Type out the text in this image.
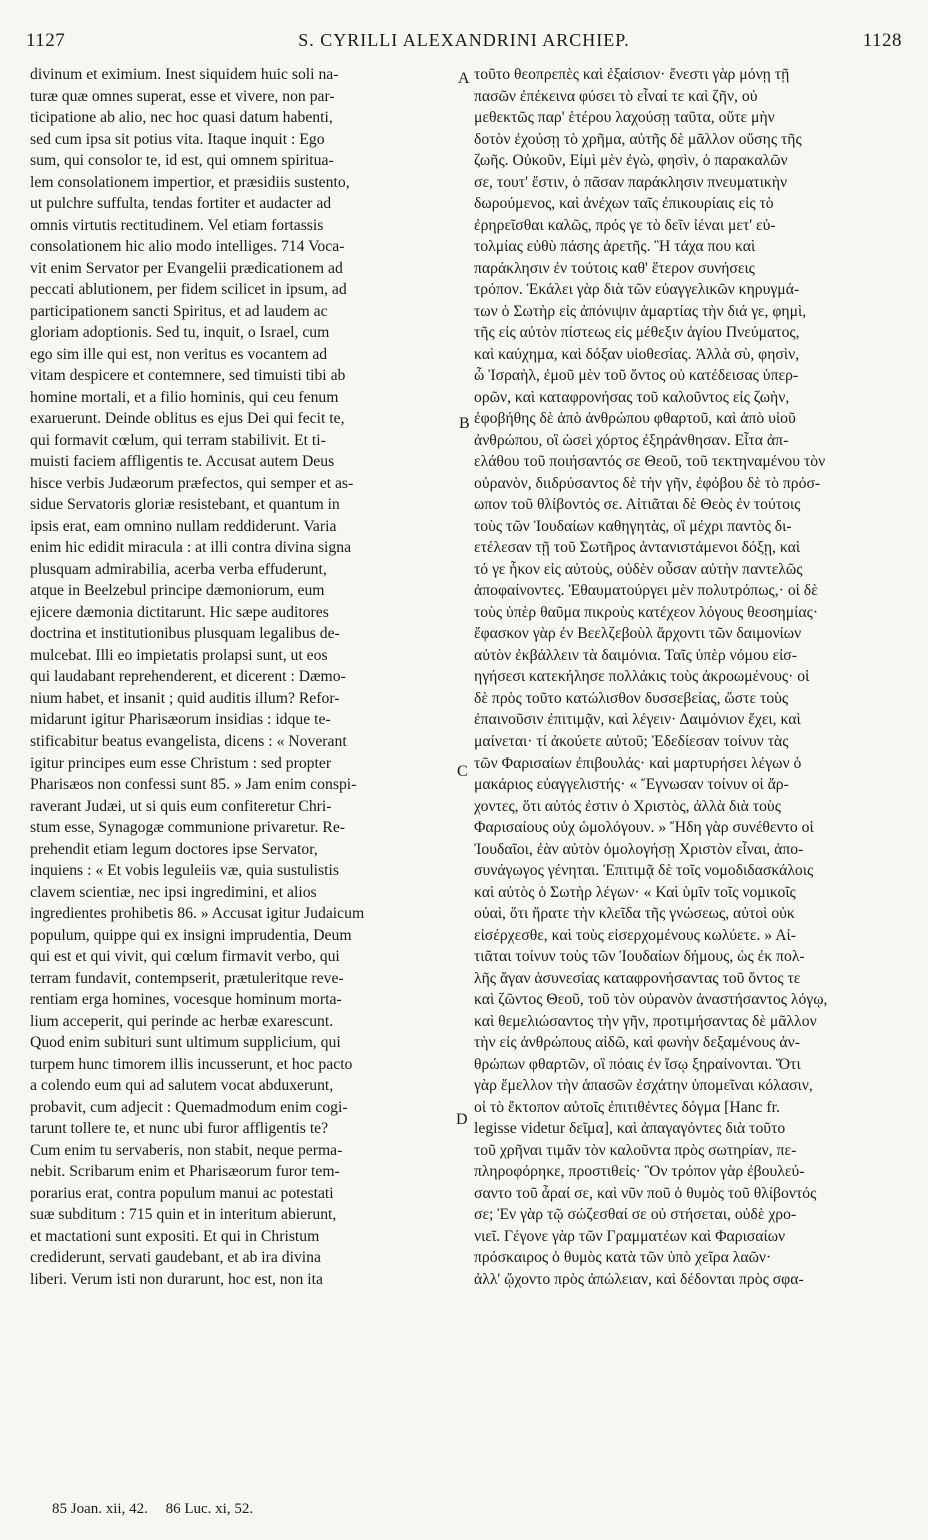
1127	S. CYRILLI ALEXANDRINI ARCHIEP.	1128
divinum et eximium. Inest siquidem huic soli na-
turæ quæ omnes superat, esse et vivere, non par-
ticipatione ab alio, nec hoc quasi datum habenti,
sed cum ipsa sit potius vita. Itaque inquit : Ego
sum, qui consolor te, id est, qui omnem spiritua-
lem consolationem impertior, et præsidiis sustento,
ut pulchre suffulta, tendas fortiter et audacter ad
omnis virtutis rectitudinem. Vel etiam fortassis
consolationem hic alio modo intelliges. 714 Voca-
vit enim Servator per Evangelii prædicationem ad
peccati ablutionem, per fidem scilicet in ipsum, ad
participationem sancti Spiritus, et ad laudem ac
gloriam adoptionis. Sed tu, inquit, o Israel, cum
ego sim ille qui est, non veritus es vocantem ad
vitam despicere et contemnere, sed timuisti tibi ab
homine mortali, et a filio hominis, qui ceu fenum
exaruerunt. Deinde oblitus es ejus Dei qui fecit te,
qui formavit cœlum, qui terram stabilivit. Et ti-
muisti faciem affligentis te. Accusat autem Deus
hisce verbis Judæorum præfectos, qui semper et as-
sidue Servatoris gloriæ resistebant, et quantum in
ipsis erat, eam omnino nullam reddiderunt. Varia
enim hic edidit miracula : at illi contra divina signa
plusquam admirabilia, acerba verba effuderunt,
atque in Beelzebul principe dæmoniorum, eum
ejicere dæmonia dictitarunt. Hic sæpe auditores
doctrina et institutionibus plusquam legalibus de-
mulcebat. Illi eo impietatis prolapsi sunt, ut eos
qui laudabant reprehenderent, et dicerent : Dæmo-
nium habet, et insanit ; quid auditis illum? Refor-
midarunt igitur Pharisæorum insidias : idque te-
stificabitur beatus evangelista, dicens : « Noverant
igitur principes eum esse Christum : sed propter
Pharisæos non confessi sunt 85. » Jam enim conspi-
raverant Judæi, ut si quis eum confiteretur Chri-
stum esse, Synagogæ communione privaretur. Re-
prehendit etiam legum doctores ipse Servator,
inquiens : « Et vobis leguleiis væ, quia sustulistis
clavem scientiæ, nec ipsi ingredimini, et alios
ingredientes prohibetis 86. » Accusat igitur Judaicum
populum, quippe qui ex insigni imprudentia, Deum
qui est et qui vivit, qui cœlum firmavit verbo, qui
terram fundavit, contempserit, prætuleritque reve-
rentiam erga homines, vocesque hominum morta-
lium acceperit, qui perinde ac herbæ exarescunt.
Quod enim subituri sunt ultimum supplicium, qui
turpem hunc timorem illis incusserunt, et hoc pacto
a colendo eum qui ad salutem vocat abduxerunt,
probavit, cum adjecit : Quemadmodum enim cogi-
tarunt tollere te, et nunc ubi furor affligentis te?
Cum enim tu servaberis, non stabit, neque perma-
nebit. Scribarum enim et Pharisæorum furor tem-
porarius erat, contra populum manui ac potestati
suæ subditum : 715 quin et in interitum abierunt,
et mactationi sunt expositi. Et qui in Christum
crediderunt, servati gaudebant, et ab ira divina
liberi. Verum isti non durarunt, hoc est, non ita
τοῦτο θεοπρεπὲς καὶ ἐξαίσιον· ἔνεστι γὰρ μόνῃ τῇ
πασῶν ἐπέκεινα φύσει τὸ εἶναί τε καὶ ζῆν, οὐ
μεθεκτῶς παρ' ἑτέρου λαχούσῃ ταῦτα, οὔτε μὴν
δοτὸν ἐχούσῃ τὸ χρῆμα, αὐτῆς δὲ μᾶλλον οὔσης τῆς
ζωῆς. Οὐκοῦν, Εἰμὶ μὲν ἐγὼ, φησὶν, ὁ παρακαλῶν
σε, τουτ' ἔστιν, ὁ πᾶσαν παράκλησιν πνευματικὴν
δωρούμενος, καὶ ἀνέχων ταῖς ἐπικουρίαις εἰς τὸ
ἐρηρεῖσθαι καλῶς, πρός γε τὸ δεῖν ἰέναι μετ' εὐ-
τολμίας εὐθὺ πάσης ἀρετῆς. Ἢ τάχα που καὶ
παράκλησιν ἐν τούτοις καθ' ἕτερον συνήσεις
τρόπον. Ἐκάλει γὰρ διὰ τῶν εὐαγγελικῶν κηρυγμά-
των ὁ Σωτὴρ εἰς ἀπόνιψιν ἁμαρτίας τὴν διά γε, φημὶ,
τῆς εἰς αὐτὸν πίστεως εἰς μέθεξιν ἁγίου Πνεύματος,
καὶ καύχημα, καὶ δόξαν υἱοθεσίας. Ἀλλὰ σὺ, φησὶν,
ὦ Ἰσραὴλ, ἐμοῦ μὲν τοῦ ὄντος οὐ κατέδεισας ὑπερ-
ορῶν, καὶ καταφρονήσας τοῦ καλοῦντος εἰς ζωὴν,
ἐφοβήθης δὲ ἀπὸ ἀνθρώπου φθαρτοῦ, καὶ ἀπὸ υἱοῦ
ἀνθρώπου, οἳ ὡσεὶ χόρτος ἐξηράνθησαν. Εἶτα ἀπ-
ελάθου τοῦ ποιήσαντός σε Θεοῦ, τοῦ τεκτηναμένου τὸν
οὐρανὸν, διιδρύσαντος δὲ τὴν γῆν, ἐφόβου δὲ τὸ πρόσ-
ωπον τοῦ θλίβοντός σε. Αἰτιᾶται δὲ Θεὸς ἐν τούτοις
τοὺς τῶν Ἰουδαίων καθηγητὰς, οἳ μέχρι παντὸς δι-
ετέλεσαν τῇ τοῦ Σωτῆρος ἀντανιστάμενοι δόξῃ, καὶ
τό γε ἧκον εἰς αὐτοὺς, οὐδὲν οὖσαν αὐτὴν παντελῶς
ἀποφαίνοντες. Ἐθαυματούργει μὲν πολυτρόπως,· οἱ δὲ
τοὺς ὑπὲρ θαῦμα πικροὺς κατέχεον λόγους θεοσημίας·
ἔφασκον γὰρ ἐν Βεελζεβοὺλ ἄρχοντι τῶν δαιμονίων
αὐτὸν ἐκβάλλειν τὰ δαιμόνια. Ταῖς ὑπὲρ νόμου εἰσ-
ηγήσεσι κατεκήλησε πολλάκις τοὺς ἀκροωμένους· οἱ
δὲ πρὸς τοῦτο κατώλισθον δυσσεβείας, ὥστε τοὺς
ἐπαινοῦσιν ἐπιτιμᾷν, καὶ λέγειν· Δαιμόνιον ἔχει, καὶ
μαίνεται· τί ἀκούετε αὐτοῦ; Ἐδεδίεσαν τοίνυν τὰς
τῶν Φαρισαίων ἐπιβουλάς· καὶ μαρτυρήσει λέγων ὁ
μακάριος εὐαγγελιστής· « Ἔγνωσαν τοίνυν οἱ ἄρ-
χοντες, ὅτι αὐτός ἐστιν ὁ Χριστὸς, ἀλλὰ διὰ τοὺς
Φαρισαίους οὐχ ὡμολόγουν. » Ἤδη γὰρ συνέθεντο οἱ
Ἰουδαῖοι, ἐὰν αὐτὸν ὁμολογήσῃ Χριστὸν εἶναι, ἀπο-
συνάγωγος γένηται. Ἐπιτιμᾷ δὲ τοῖς νομοδιδασκάλοις
καὶ αὐτὸς ὁ Σωτὴρ λέγων· « Καὶ ὑμῖν τοῖς νομικοῖς
οὐαὶ, ὅτι ἤρατε τὴν κλεῖδα τῆς γνώσεως, αὐτοὶ οὐκ
εἰσέρχεσθε, καὶ τοὺς εἰσερχομένους κωλύετε. » Αἰ-
τιᾶται τοίνυν τοὺς τῶν Ἰουδαίων δήμους, ὡς ἐκ πολ-
λῆς ἄγαν ἀσυνεσίας καταφρονήσαντας τοῦ ὄντος τε
καὶ ζῶντος Θεοῦ, τοῦ τὸν οὐρανὸν ἀναστήσαντος λόγῳ,
καὶ θεμελιώσαντος τὴν γῆν, προτιμήσαντας δὲ μᾶλλον
τὴν εἰς ἀνθρώπους αἰδῶ, καὶ φωνὴν δεξαμένους ἀν-
θρώπων φθαρτῶν, οἳ πόαις ἐν ἴσῳ ξηραίνονται. Ὅτι
γὰρ ἔμελλον τὴν ἁπασῶν ἐσχάτην ὑπομεῖναι κόλασιν,
οἱ τὸ ἔκτοπον αὐτοῖς ἐπιτιθέντες δόγμα [Hanc fr.
legisse videtur δεῖμα], καὶ ἀπαγαγόντες διὰ τοῦτο
τοῦ χρῆναι τιμᾶν τὸν καλοῦντα πρὸς σωτηρίαν, πε-
πληροφόρηκε, προστιθείς· Ὃν τρόπον γὰρ ἐβουλεύ-
σαντο τοῦ ἆραί σε, καὶ νῦν ποῦ ὁ θυμὸς τοῦ θλίβοντός
σε; Ἐν γὰρ τῷ σώζεσθαί σε οὐ στήσεται, οὐδὲ χρο-
νιεῖ. Γέγονε γὰρ τῶν Γραμματέων καὶ Φαρισαίων
πρόσκαιρος ὁ θυμὸς κατὰ τῶν ὑπὸ χεῖρα λαῶν·
ἀλλ' ᾤχοντο πρὸς ἀπώλειαν, καὶ δέδονται πρὸς σφα-
A
B
C
D
85 Joan. xii, 42. 86 Luc. xi, 52.
